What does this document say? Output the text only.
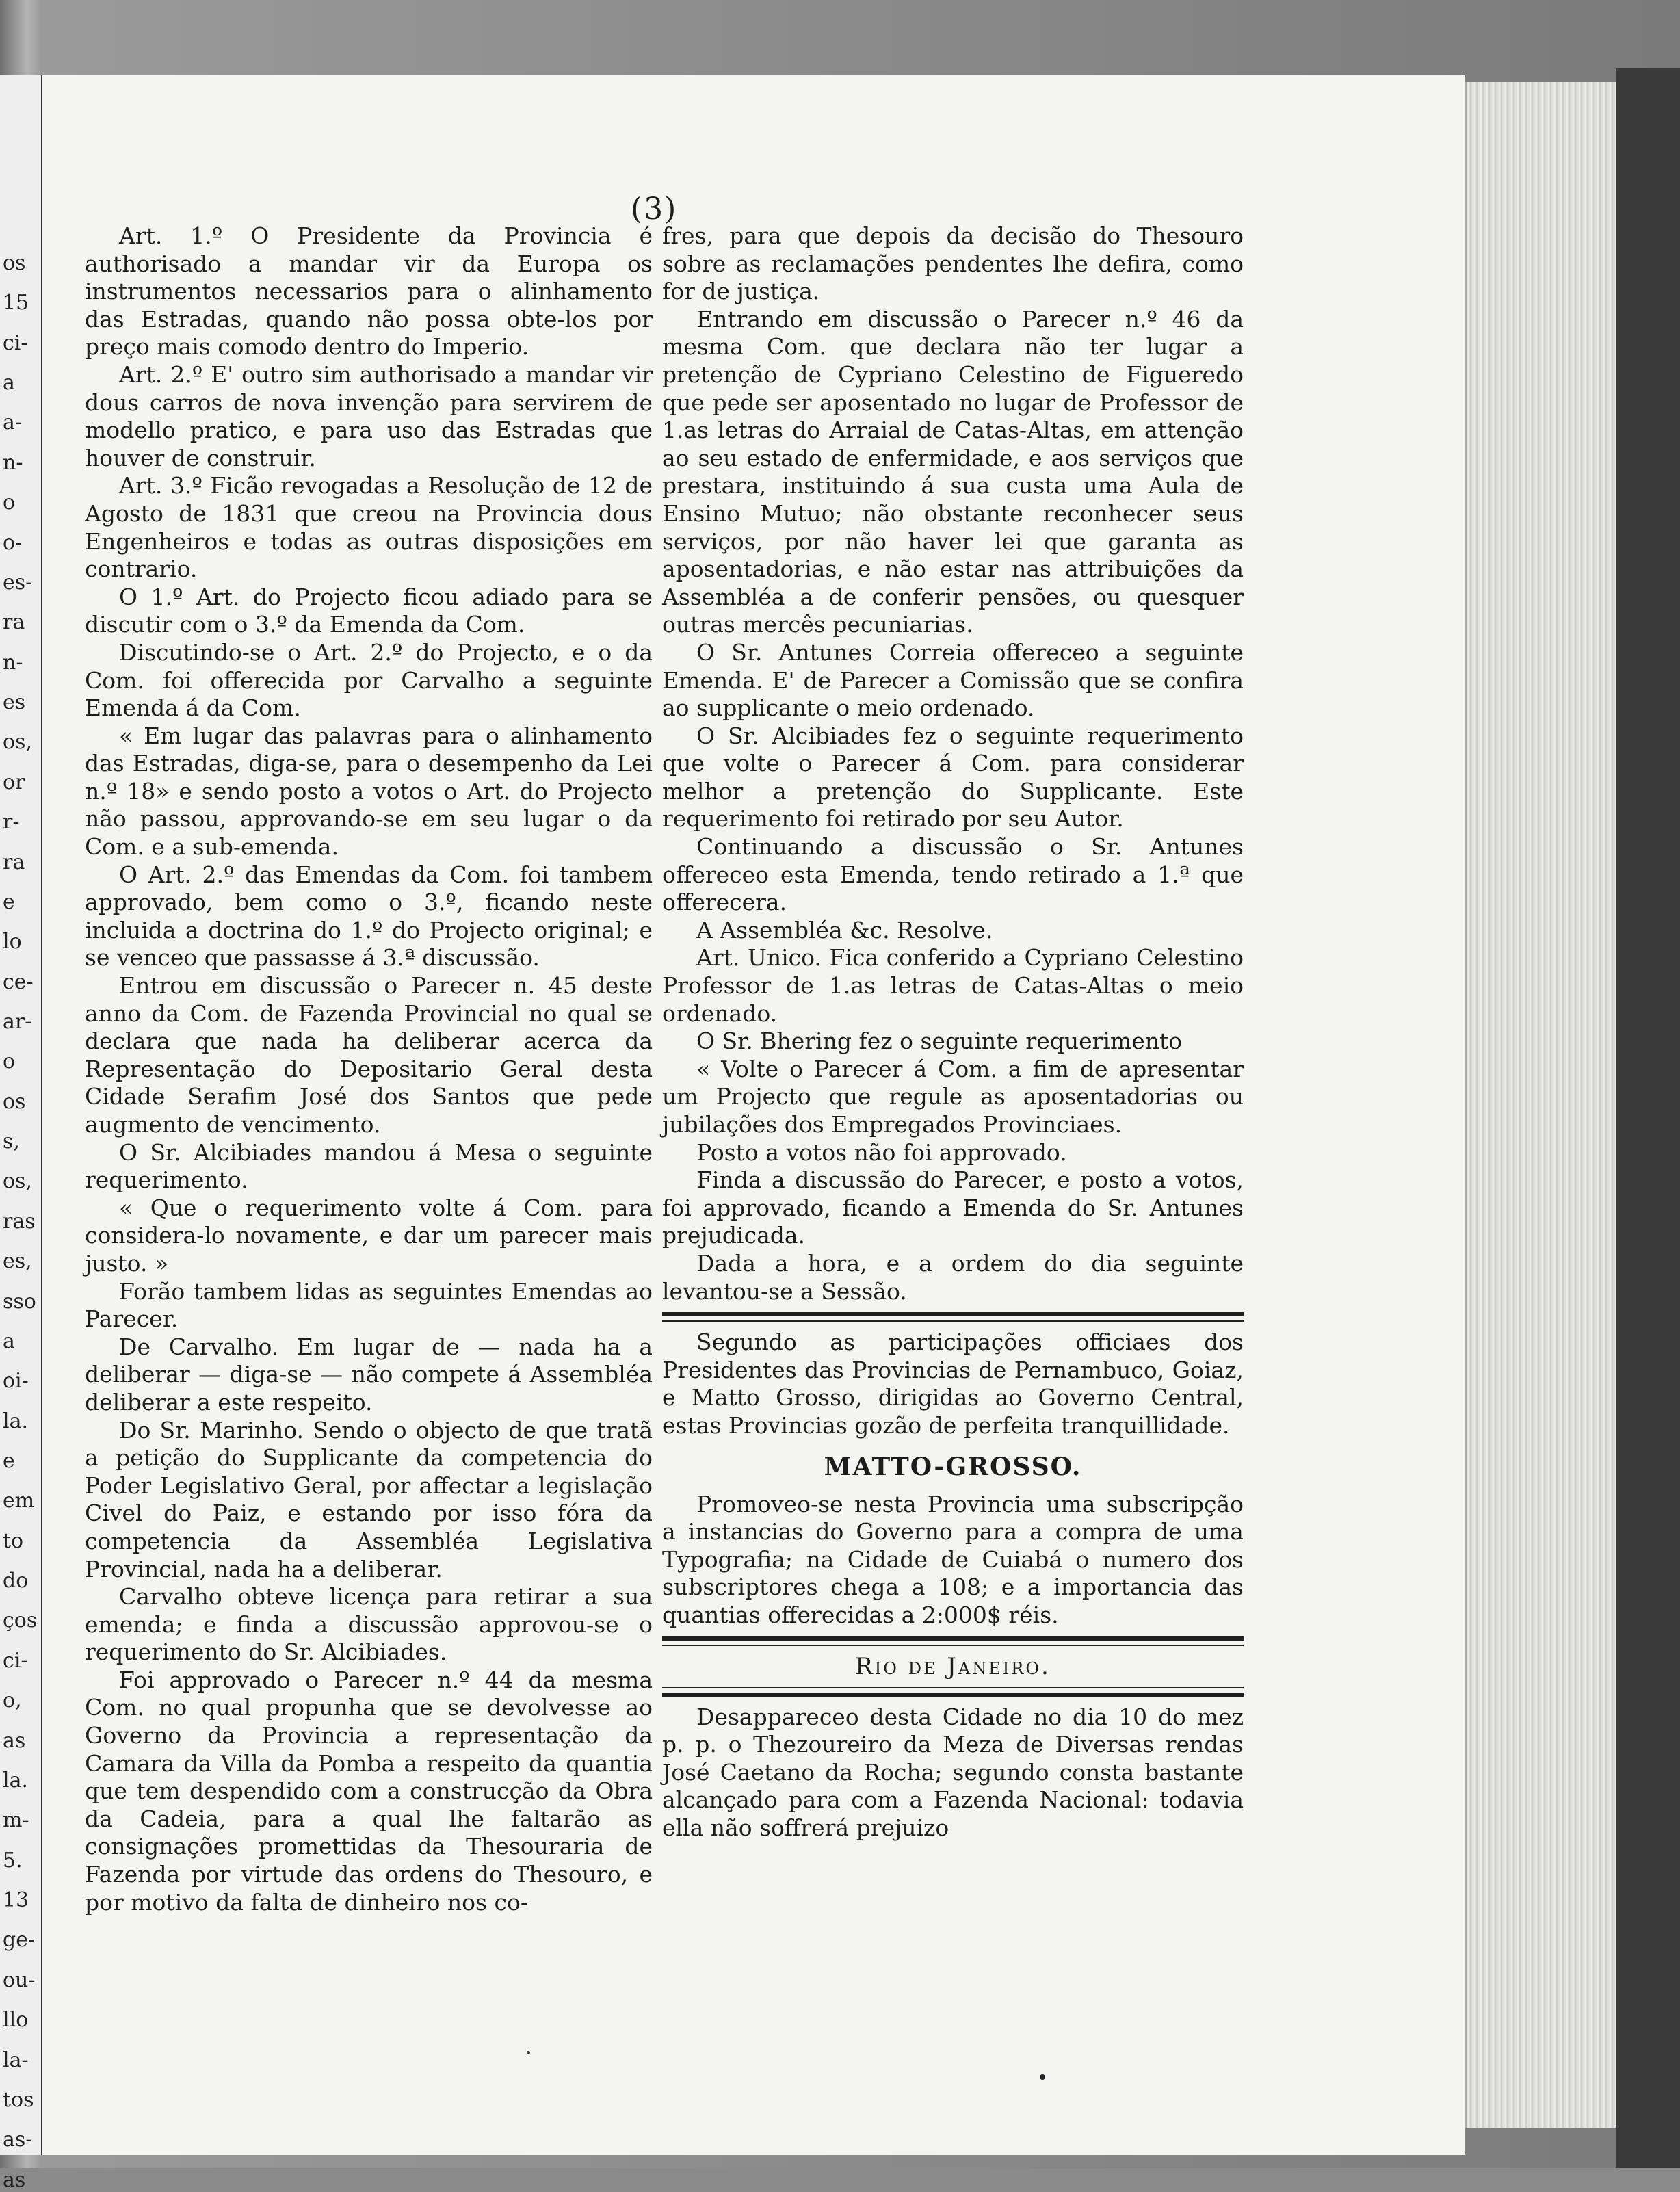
os
15
ci-
a
a-
n-
o
o-
es-
ra
n-
es
os,
or
r-
ra
e
lo
ce-
ar-
o
os
s,
os,
ras
es,
sso
a
oi-
la.
e
em
to
do
ços
ci-
o,
as
la.
m-
5.
13
ge-
ou-
llo
la-
tos
as-
as
(3)

Art. 1.º O Presidente da Provincia é authorisado a mandar vir da Europa os instrumentos necessarios para o alinhamento das Estradas, quando não possa obte-los por preço mais comodo dentro do Imperio.

Art. 2.º E' outro sim authorisado a mandar vir dous carros de nova invenção para servirem de modello pratico, e para uso das Estradas que houver de construir.

Art. 3.º Ficão revogadas a Resolução de 12 de Agosto de 1831 que creou na Provincia dous Engenheiros e todas as outras disposições em contrario.

O 1.º Art. do Projecto ficou adiado para se discutir com o 3.º da Emenda da Com.

Discutindo-se o Art. 2.º do Projecto, e o da Com. foi offerecida por Carvalho a seguinte Emenda á da Com.

« Em lugar das palavras para o alinhamento das Estradas, diga-se, para o desempenho da Lei n.º 18» e sendo posto a votos o Art. do Projecto não passou, approvando-se em seu lugar o da Com. e a sub-emenda.

O Art. 2.º das Emendas da Com. foi tambem approvado, bem como o 3.º, ficando neste incluida a doctrina do 1.º do Projecto original; e se venceo que passasse á 3.ª discussão.

Entrou em discussão o Parecer n. 45 deste anno da Com. de Fazenda Provincial no qual se declara que nada ha deliberar acerca da Representação do Depositario Geral desta Cidade Serafim José dos Santos que pede augmento de vencimento.

O Sr. Alcibiades mandou á Mesa o seguinte requerimento.

« Que o requerimento volte á Com. para considera-lo novamente, e dar um parecer mais justo. »

Forão tambem lidas as seguintes Emendas ao Parecer.

De Carvalho. Em lugar de — nada ha a deliberar — diga-se — não compete á Assembléa deliberar a este respeito.

Do Sr. Marinho. Sendo o objecto de que tratã a petição do Supplicante da competencia do Poder Legislativo Geral, por affectar a legislação Civel do Paiz, e estando por isso fóra da competencia da Assembléa Legislativa Provincial, nada ha a deliberar.

Carvalho obteve licença para retirar a sua emenda; e finda a discussão approvou-se o requerimento do Sr. Alcibiades.

Foi approvado o Parecer n.º 44 da mesma Com. no qual propunha que se devolvesse ao Governo da Provincia a representação da Camara da Villa da Pomba a respeito da quantia que tem despendido com a construcção da Obra da Cadeia, para a qual lhe faltarão as consignações promettidas da Thesouraria de Fazenda por virtude das ordens do Thesouro, e por motivo da falta de dinheiro nos co-

fres, para que depois da decisão do Thesouro sobre as reclamações pendentes lhe defira, como for de justiça.

Entrando em discussão o Parecer n.º 46 da mesma Com. que declara não ter lugar a pretenção de Cypriano Celestino de Figueredo que pede ser aposentado no lugar de Professor de 1.as letras do Arraial de Catas-Altas, em attenção ao seu estado de enfermidade, e aos serviços que prestara, instituindo á sua custa uma Aula de Ensino Mutuo; não obstante reconhecer seus serviços, por não haver lei que garanta as aposentadorias, e não estar nas attribuições da Assembléa a de conferir pensões, ou quesquer outras mercês pecuniarias.

O Sr. Antunes Correia offereceo a seguinte Emenda. E' de Parecer a Comissão que se confira ao supplicante o meio ordenado.

O Sr. Alcibiades fez o seguinte requerimento que volte o Parecer á Com. para considerar melhor a pretenção do Supplicante. Este requerimento foi retirado por seu Autor.

Continuando a discussão o Sr. Antunes offereceo esta Emenda, tendo retirado a 1.ª que offerecera.

A Assembléa &c. Resolve.

Art. Unico. Fica conferido a Cypriano Celestino Professor de 1.as letras de Catas-Altas o meio ordenado.

O Sr. Bhering fez o seguinte requerimento

« Volte o Parecer á Com. a fim de apresentar um Projecto que regule as aposentadorias ou jubilações dos Empregados Provinciaes.

Posto a votos não foi approvado.

Finda a discussão do Parecer, e posto a votos, foi approvado, ficando a Emenda do Sr. Antunes prejudicada.

Dada a hora, e a ordem do dia seguinte levantou-se a Sessão.

Segundo as participações officiaes dos Presidentes das Provincias de Pernambuco, Goiaz, e Matto Grosso, dirigidas ao Governo Central, estas Provincias gozão de perfeita tranquillidade.

MATTO-GROSSO.

Promoveo-se nesta Provincia uma subscripção a instancias do Governo para a compra de uma Typografia; na Cidade de Cuiabá o numero dos subscriptores chega a 108; e a importancia das quantias offerecidas a 2:000$ réis.

Rio de Janeiro.

Desappareceo desta Cidade no dia 10 do mez p. p. o Thezoureiro da Meza de Diversas rendas José Caetano da Rocha; segundo consta bastante alcançado para com a Fazenda Nacional: todavia ella não soffrerá prejuizo
